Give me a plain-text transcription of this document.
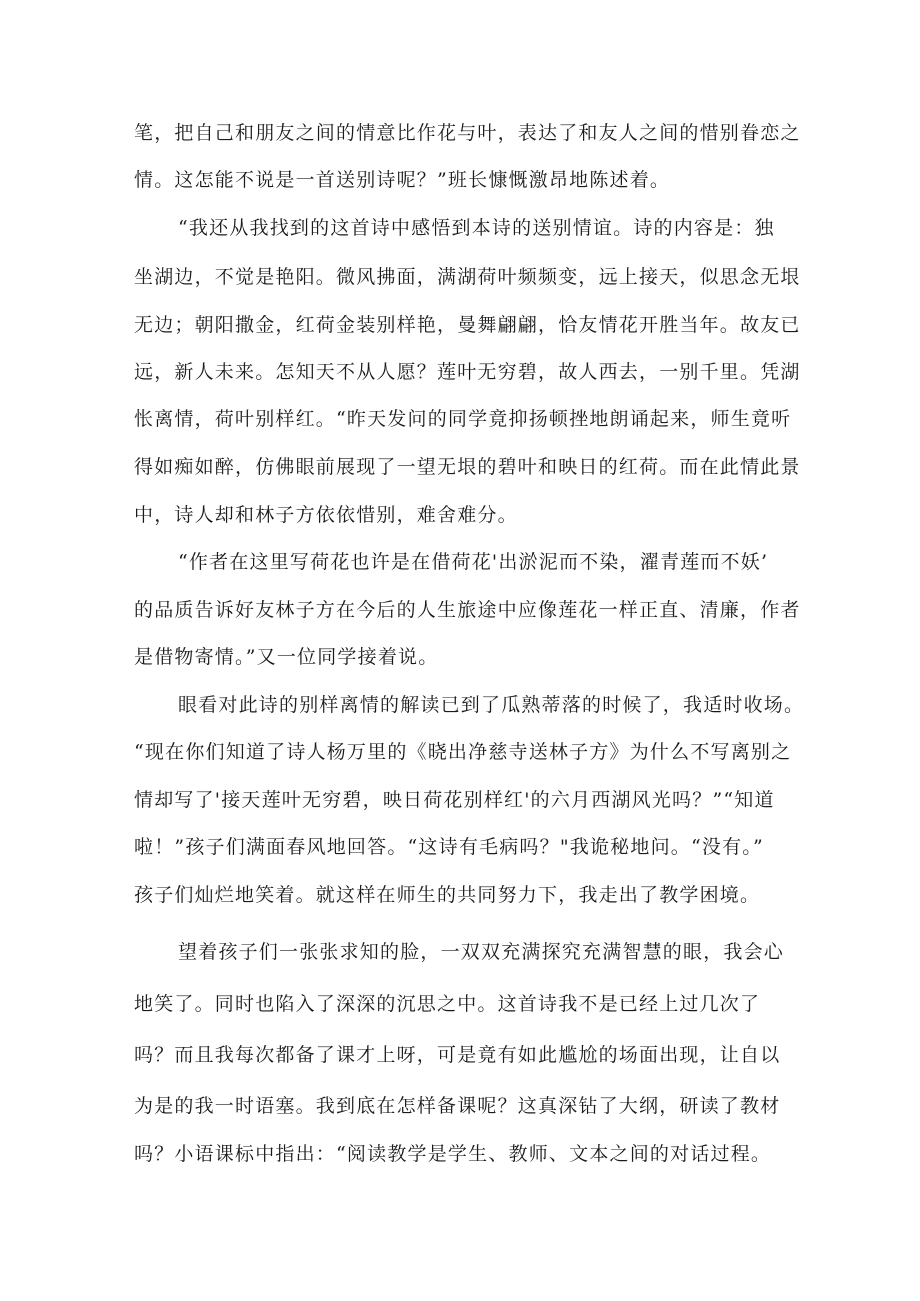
笔，把自己和朋友之间的情意比作花与叶，表达了和友人之间的惜别眷恋之

情。这怎能不说是一首送别诗呢？”班长慷慨激昂地陈述着。

“我还从我找到的这首诗中感悟到本诗的送别情谊。诗的内容是：独

坐湖边，不觉是艳阳。微风拂面，满湖荷叶频频变，远上接天，似思念无垠

无边；朝阳撒金，红荷金装别样艳，曼舞翩翩，恰友情花开胜当年。故友已

远，新人未来。怎知天不从人愿？莲叶无穷碧，故人西去，一别千里。凭湖

怅离情，荷叶别样红。“昨天发问的同学竟抑扬顿挫地朗诵起来，师生竟听

得如痴如醉，仿佛眼前展现了一望无垠的碧叶和映日的红荷。而在此情此景

中，诗人却和林子方依依惜别，难舍难分。

“作者在这里写荷花也许是在借荷花'出淤泥而不染，濯青莲而不妖’

的品质告诉好友林子方在今后的人生旅途中应像莲花一样正直、清廉，作者

是借物寄情。”又一位同学接着说。

眼看对此诗的别样离情的解读已到了瓜熟蒂落的时候了，我适时收场。

“现在你们知道了诗人杨万里的《晓出净慈寺送林子方》为什么不写离别之

情却写了'接天莲叶无穷碧，映日荷花别样红'的六月西湖风光吗？”“知道

啦！”孩子们满面春风地回答。“这诗有毛病吗？"我诡秘地问。“没有。”

孩子们灿烂地笑着。就这样在师生的共同努力下，我走出了教学困境。

望着孩子们一张张求知的脸，一双双充满探究充满智慧的眼，我会心

地笑了。同时也陷入了深深的沉思之中。这首诗我不是已经上过几次了

吗？而且我每次都备了课才上呀，可是竟有如此尴尬的场面出现，让自以

为是的我一时语塞。我到底在怎样备课呢？这真深钻了大纲，研读了教材

吗？小语课标中指出：“阅读教学是学生、教师、文本之间的对话过程。
